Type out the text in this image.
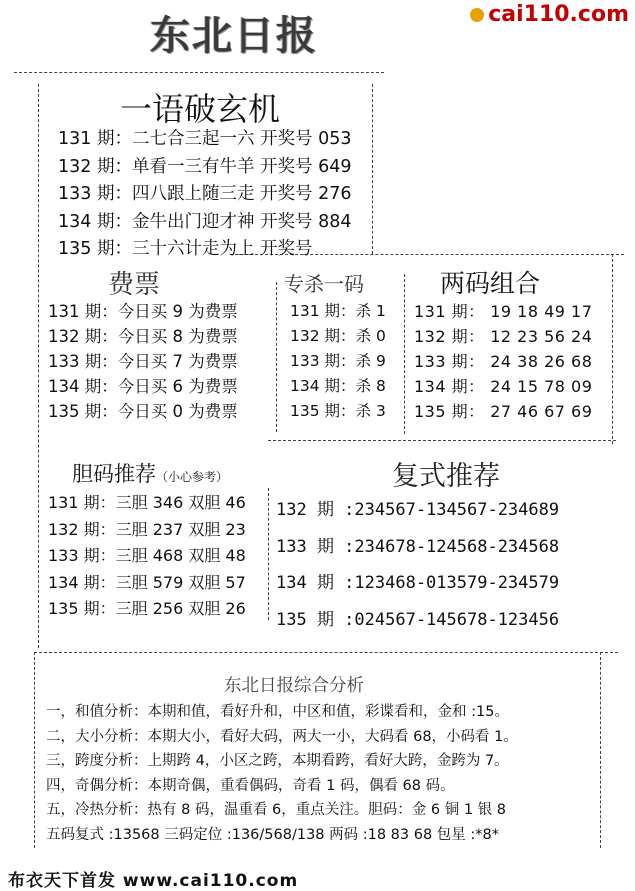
东北日报	cai110.com
一语破玄机
131 期：二七合三起一六 开奖号 053
132 期：单看一三有牛羊 开奖号 649
133 期：四八跟上随三走 开奖号 276
134 期：金牛出门迎才神 开奖号 884
135 期：三十六计走为上 开奖号
费票
131 期：今日买 9 为费票
132 期：今日买 8 为费票
133 期：今日买 7 为费票
134 期：今日买 6 为费票
135 期：今日买 0 为费票
专杀一码
131 期：杀 1
132 期：杀 0
133 期：杀 9
134 期：杀 8
135 期：杀 3
两码组合
131 期： 19 18 49 17
132 期： 12 23 56 24
133 期： 24 38 26 68
134 期： 24 15 78 09
135 期： 27 46 67 69
胆码推荐（小心参考）
131 期：三胆 346 双胆 46
132 期：三胆 237 双胆 23
133 期：三胆 468 双胆 48
134 期：三胆 579 双胆 57
135 期：三胆 256 双胆 26
复式推荐
132 期 :234567-134567-234689
133 期 :234678-124568-234568
134 期 :123468-013579-234579
135 期 :024567-145678-123456
东北日报综合分析
一，和值分析：本期和值，看好升和，中区和值，彩谍看和，金和 :15。
二，大小分析：本期大小，看好大码，两大一小，大码看 68，小码看 1。
三，跨度分析：上期跨 4，小区之跨，本期看跨，看好大跨，金跨为 7。
四，奇偶分析：本期奇偶，重看偶码，奇看 1 码，偶看 68 码。
五，冷热分析：热有 8 码，温重看 6，重点关注。胆码：金 6 铜 1 银 8
五码复式 :13568 三码定位 :136/568/138 两码 :18 83 68 包星 :*8*
布衣天下首发 www.cai110.com
